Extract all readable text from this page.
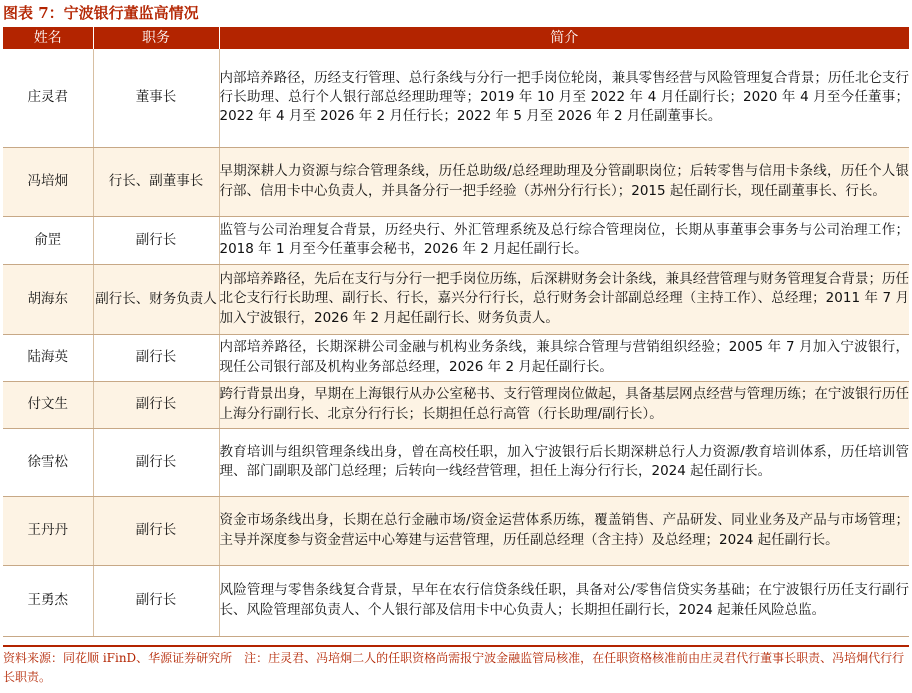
图表 7：宁波银行董监高情况
姓名	职务	简介
庄灵君	董事长	内部培养路径，历经支行管理、总行条线与分行一把手岗位轮岗，兼具零售经营与风险管理复合背景；历任北仑支行行长助理、总行个人银行部总经理助理等；2019 年 10 月至 2022 年 4 月任副行长；2020 年 4 月至今任董事；2022 年 4 月至 2026 年 2 月任行长；2022 年 5 月至 2026 年 2 月任副董事长。
冯培炯	行长、副董事长	早期深耕人力资源与综合管理条线，历任总助级/总经理助理及分管副职岗位；后转零售与信用卡条线，历任个人银行部、信用卡中心负责人，并具备分行一把手经验（苏州分行行长）；2015 起任副行长，现任副董事长、行长。
俞罡	副行长	监管与公司治理复合背景，历经央行、外汇管理系统及总行综合管理岗位，长期从事董事会事务与公司治理工作；2018 年 1 月至今任董事会秘书，2026 年 2 月起任副行长。
胡海东	副行长、财务负责人	内部培养路径，先后在支行与分行一把手岗位历练，后深耕财务会计条线，兼具经营管理与财务管理复合背景；历任北仑支行行长助理、副行长、行长，嘉兴分行行长，总行财务会计部副总经理（主持工作）、总经理；2011 年 7 月加入宁波银行，2026 年 2 月起任副行长、财务负责人。
陆海英	副行长	内部培养路径，长期深耕公司金融与机构业务条线，兼具综合管理与营销组织经验；2005 年 7 月加入宁波银行，现任公司银行部及机构业务部总经理，2026 年 2 月起任副行长。
付文生	副行长	跨行背景出身，早期在上海银行从办公室秘书、支行管理岗位做起，具备基层网点经营与管理历练；在宁波银行历任上海分行副行长、北京分行行长；长期担任总行高管（行长助理/副行长）。
徐雪松	副行长	教育培训与组织管理条线出身，曾在高校任职，加入宁波银行后长期深耕总行人力资源/教育培训体系，历任培训管理、部门副职及部门总经理；后转向一线经营管理，担任上海分行行长，2024 起任副行长。
王丹丹	副行长	资金市场条线出身，长期在总行金融市场/资金运营体系历练，覆盖销售、产品研发、同业业务及产品与市场管理；主导并深度参与资金营运中心筹建与运营管理，历任副总经理（含主持）及总经理；2024 起任副行长。
王勇杰	副行长	风险管理与零售条线复合背景，早年在农行信贷条线任职，具备对公/零售信贷实务基础；在宁波银行历任支行副行长、风险管理部负责人、个人银行部及信用卡中心负责人；长期担任副行长，2024 起兼任风险总监。
资料来源：同花顺 iFinD、华源证券研究所　注：庄灵君、冯培炯二人的任职资格尚需报宁波金融监管局核准，在任职资格核准前由庄灵君代行董事长职责、冯培炯代行行长职责。
